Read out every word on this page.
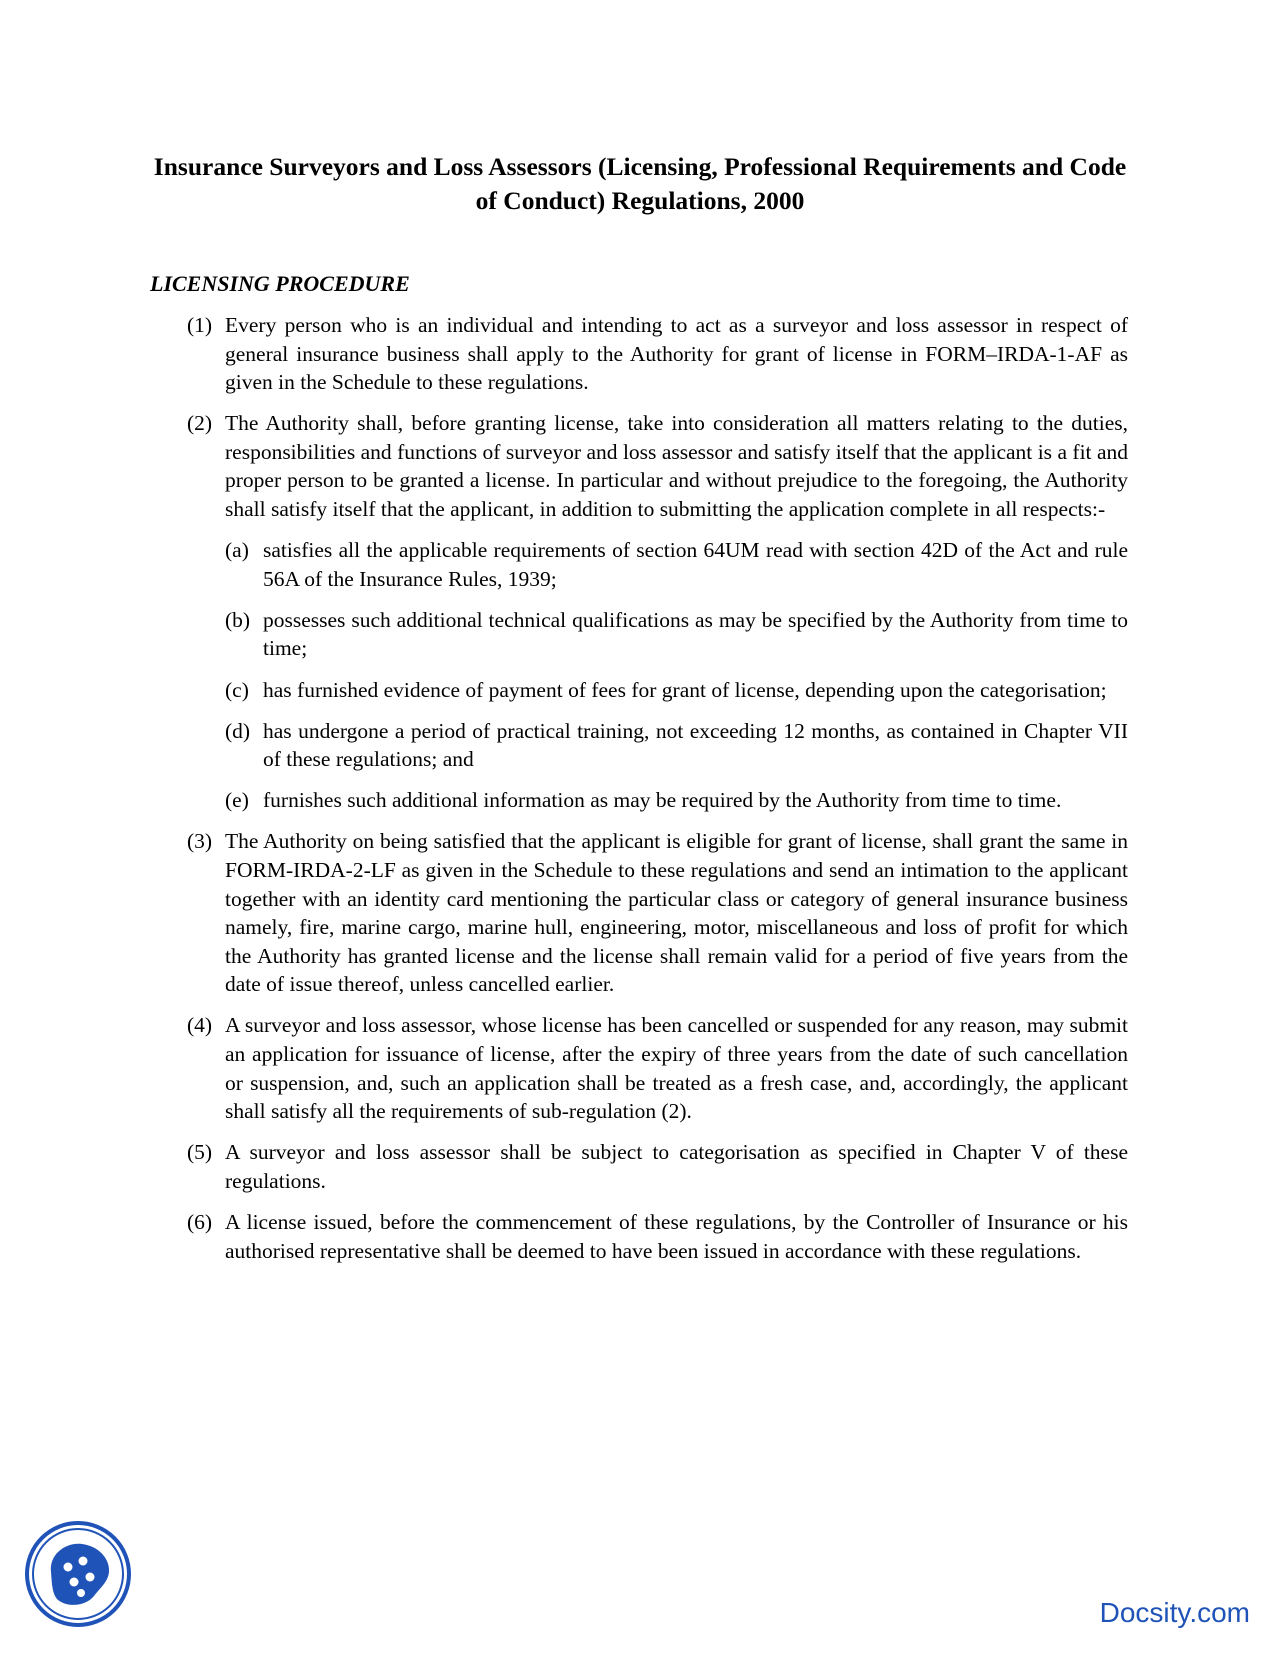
Insurance Surveyors and Loss Assessors (Licensing, Professional Requirements and Code of Conduct) Regulations, 2000
LICENSING PROCEDURE
(1) Every person who is an individual and intending to act as a surveyor and loss assessor in respect of general insurance business shall apply to the Authority for grant of license in FORM–IRDA-1-AF as given in the Schedule to these regulations.
(2) The Authority shall, before granting license, take into consideration all matters relating to the duties, responsibilities and functions of surveyor and loss assessor and satisfy itself that the applicant is a fit and proper person to be granted a license. In particular and without prejudice to the foregoing, the Authority shall satisfy itself that the applicant, in addition to submitting the application complete in all respects:-
(a) satisfies all the applicable requirements of section 64UM read with section 42D of the Act and rule 56A of the Insurance Rules, 1939;
(b) possesses such additional technical qualifications as may be specified by the Authority from time to time;
(c) has furnished evidence of payment of fees for grant of license, depending upon the categorisation;
(d) has undergone a period of practical training, not exceeding 12 months, as contained in Chapter VII of these regulations; and
(e) furnishes such additional information as may be required by the Authority from time to time.
(3) The Authority on being satisfied that the applicant is eligible for grant of license, shall grant the same in FORM-IRDA-2-LF as given in the Schedule to these regulations and send an intimation to the applicant together with an identity card mentioning the particular class or category of general insurance business namely, fire, marine cargo, marine hull, engineering, motor, miscellaneous and loss of profit for which the Authority has granted license and the license shall remain valid for a period of five years from the date of issue thereof, unless cancelled earlier.
(4) A surveyor and loss assessor, whose license has been cancelled or suspended for any reason, may submit an application for issuance of license, after the expiry of three years from the date of such cancellation or suspension, and, such an application shall be treated as a fresh case, and, accordingly, the applicant shall satisfy all the requirements of sub-regulation (2).
(5) A surveyor and loss assessor shall be subject to categorisation as specified in Chapter V of these regulations.
(6) A license issued, before the commencement of these regulations, by the Controller of Insurance or his authorised representative shall be deemed to have been issued in accordance with these regulations.
Docsity.com
